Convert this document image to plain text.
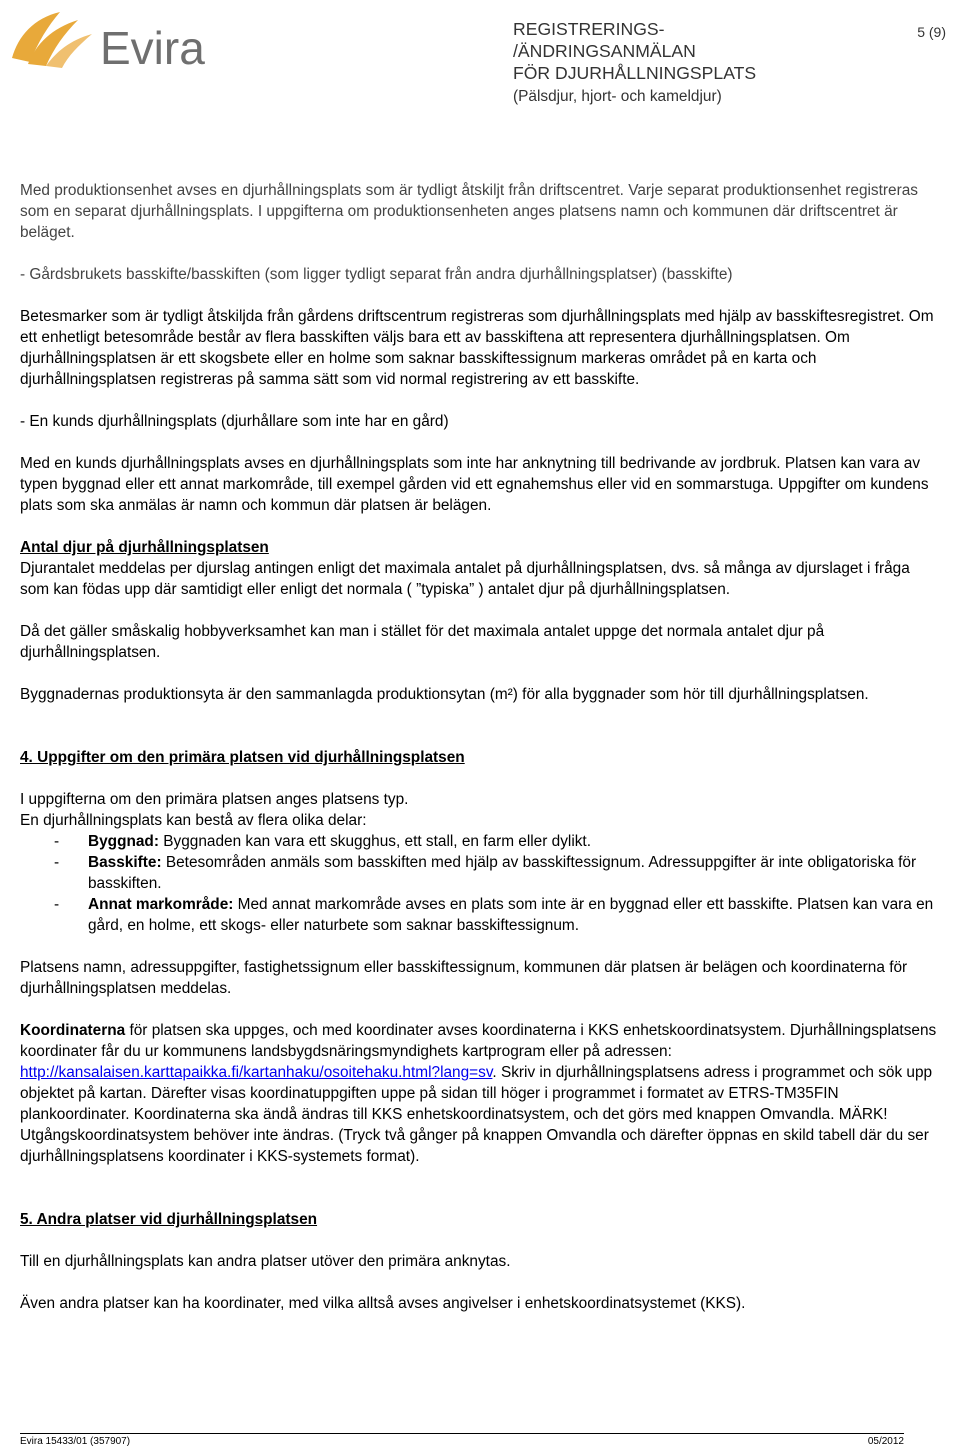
Evira	REGISTRERINGS-
/ÄNDRINGSANMÄLAN
FÖR DJURHÅLLNINGSPLATS
(Pälsdjur, hjort- och kameldjur)
5 (9)

Med produktionsenhet avses en djurhållningsplats som är tydligt åtskiljt från driftscentret. Varje separat produktionsenhet registreras som en separat djurhållningsplats. I uppgifterna om produktionsenheten anges platsens namn och kommunen där driftscentret är beläget.

- Gårdsbrukets basskifte/basskiften (som ligger tydligt separat från andra djurhållningsplatser) (basskifte)

Betesmarker som är tydligt åtskiljda från gårdens driftscentrum registreras som djurhållningsplats med hjälp av basskiftesregistret. Om ett enhetligt betesområde består av flera basskiften väljs bara ett av basskiftena att representera djurhållningsplatsen. Om djurhållningsplatsen är ett skogsbete eller en holme som saknar basskiftessignum markeras området på en karta och djurhållningsplatsen registreras på samma sätt som vid normal registrering av ett basskifte.

- En kunds djurhållningsplats (djurhållare som inte har en gård)

Med en kunds djurhållningsplats avses en djurhållningsplats som inte har anknytning till bedrivande av jordbruk. Platsen kan vara av typen byggnad eller ett annat markområde, till exempel gården vid ett egnahemshus eller vid en sommarstuga. Uppgifter om kundens plats som ska anmälas är namn och kommun där platsen är belägen.

Antal djur på djurhållningsplatsen

Djurantalet meddelas per djurslag antingen enligt det maximala antalet på djurhållningsplatsen, dvs. så många av djurslaget i fråga som kan födas upp där samtidigt eller enligt det normala ( ”typiska” ) antalet djur på djurhållningsplatsen.

Då det gäller småskalig hobbyverksamhet kan man i stället för det maximala antalet uppge det normala antalet djur på djurhållningsplatsen.

Byggnadernas produktionsyta är den sammanlagda produktionsytan (m²) för alla byggnader som hör till djurhållningsplatsen.

4. Uppgifter om den primära platsen vid djurhållningsplatsen

I uppgifterna om den primära platsen anges platsens typ.

En djurhållningsplats kan bestå av flera olika delar:

-	Byggnad: Byggnaden kan vara ett skugghus, ett stall, en farm eller dylikt.
-	Basskifte: Betesområden anmäls som basskiften med hjälp av basskiftessignum. Adressuppgifter är inte obligatoriska för basskiften.
-	Annat markområde: Med annat markområde avses en plats som inte är en byggnad eller ett basskifte. Platsen kan vara en gård, en holme, ett skogs- eller naturbete som saknar basskiftessignum.

Platsens namn, adressuppgifter, fastighetssignum eller basskiftessignum, kommunen där platsen är belägen och koordinaterna för djurhållningsplatsen meddelas.

Koordinaterna för platsen ska uppges, och med koordinater avses koordinaterna i KKS enhetskoordinatsystem. Djurhållningsplatsens koordinater får du ur kommunens landsbygdsnäringsmyndighets kartprogram eller på adressen: http://kansalaisen.karttapaikka.fi/kartanhaku/osoitehaku.html?lang=sv. Skriv in djurhållningsplatsens adress i programmet och sök upp objektet på kartan. Därefter visas koordinatuppgiften uppe på sidan till höger i programmet i formatet av ETRS-TM35FIN plankoordinater. Koordinaterna ska ändå ändras till KKS enhetskoordinatsystem, och det görs med knappen Omvandla. MÄRK! Utgångskoordinatsystem behöver inte ändras. (Tryck två gånger på knappen Omvandla och därefter öppnas en skild tabell där du ser djurhållningsplatsens koordinater i KKS-systemets format).

5. Andra platser vid djurhållningsplatsen

Till en djurhållningsplats kan andra platser utöver den primära anknytas.

Även andra platser kan ha koordinater, med vilka alltså avses angivelser i enhetskoordinatsystemet (KKS).

Evira 15433/01 (357907)	05/2012
